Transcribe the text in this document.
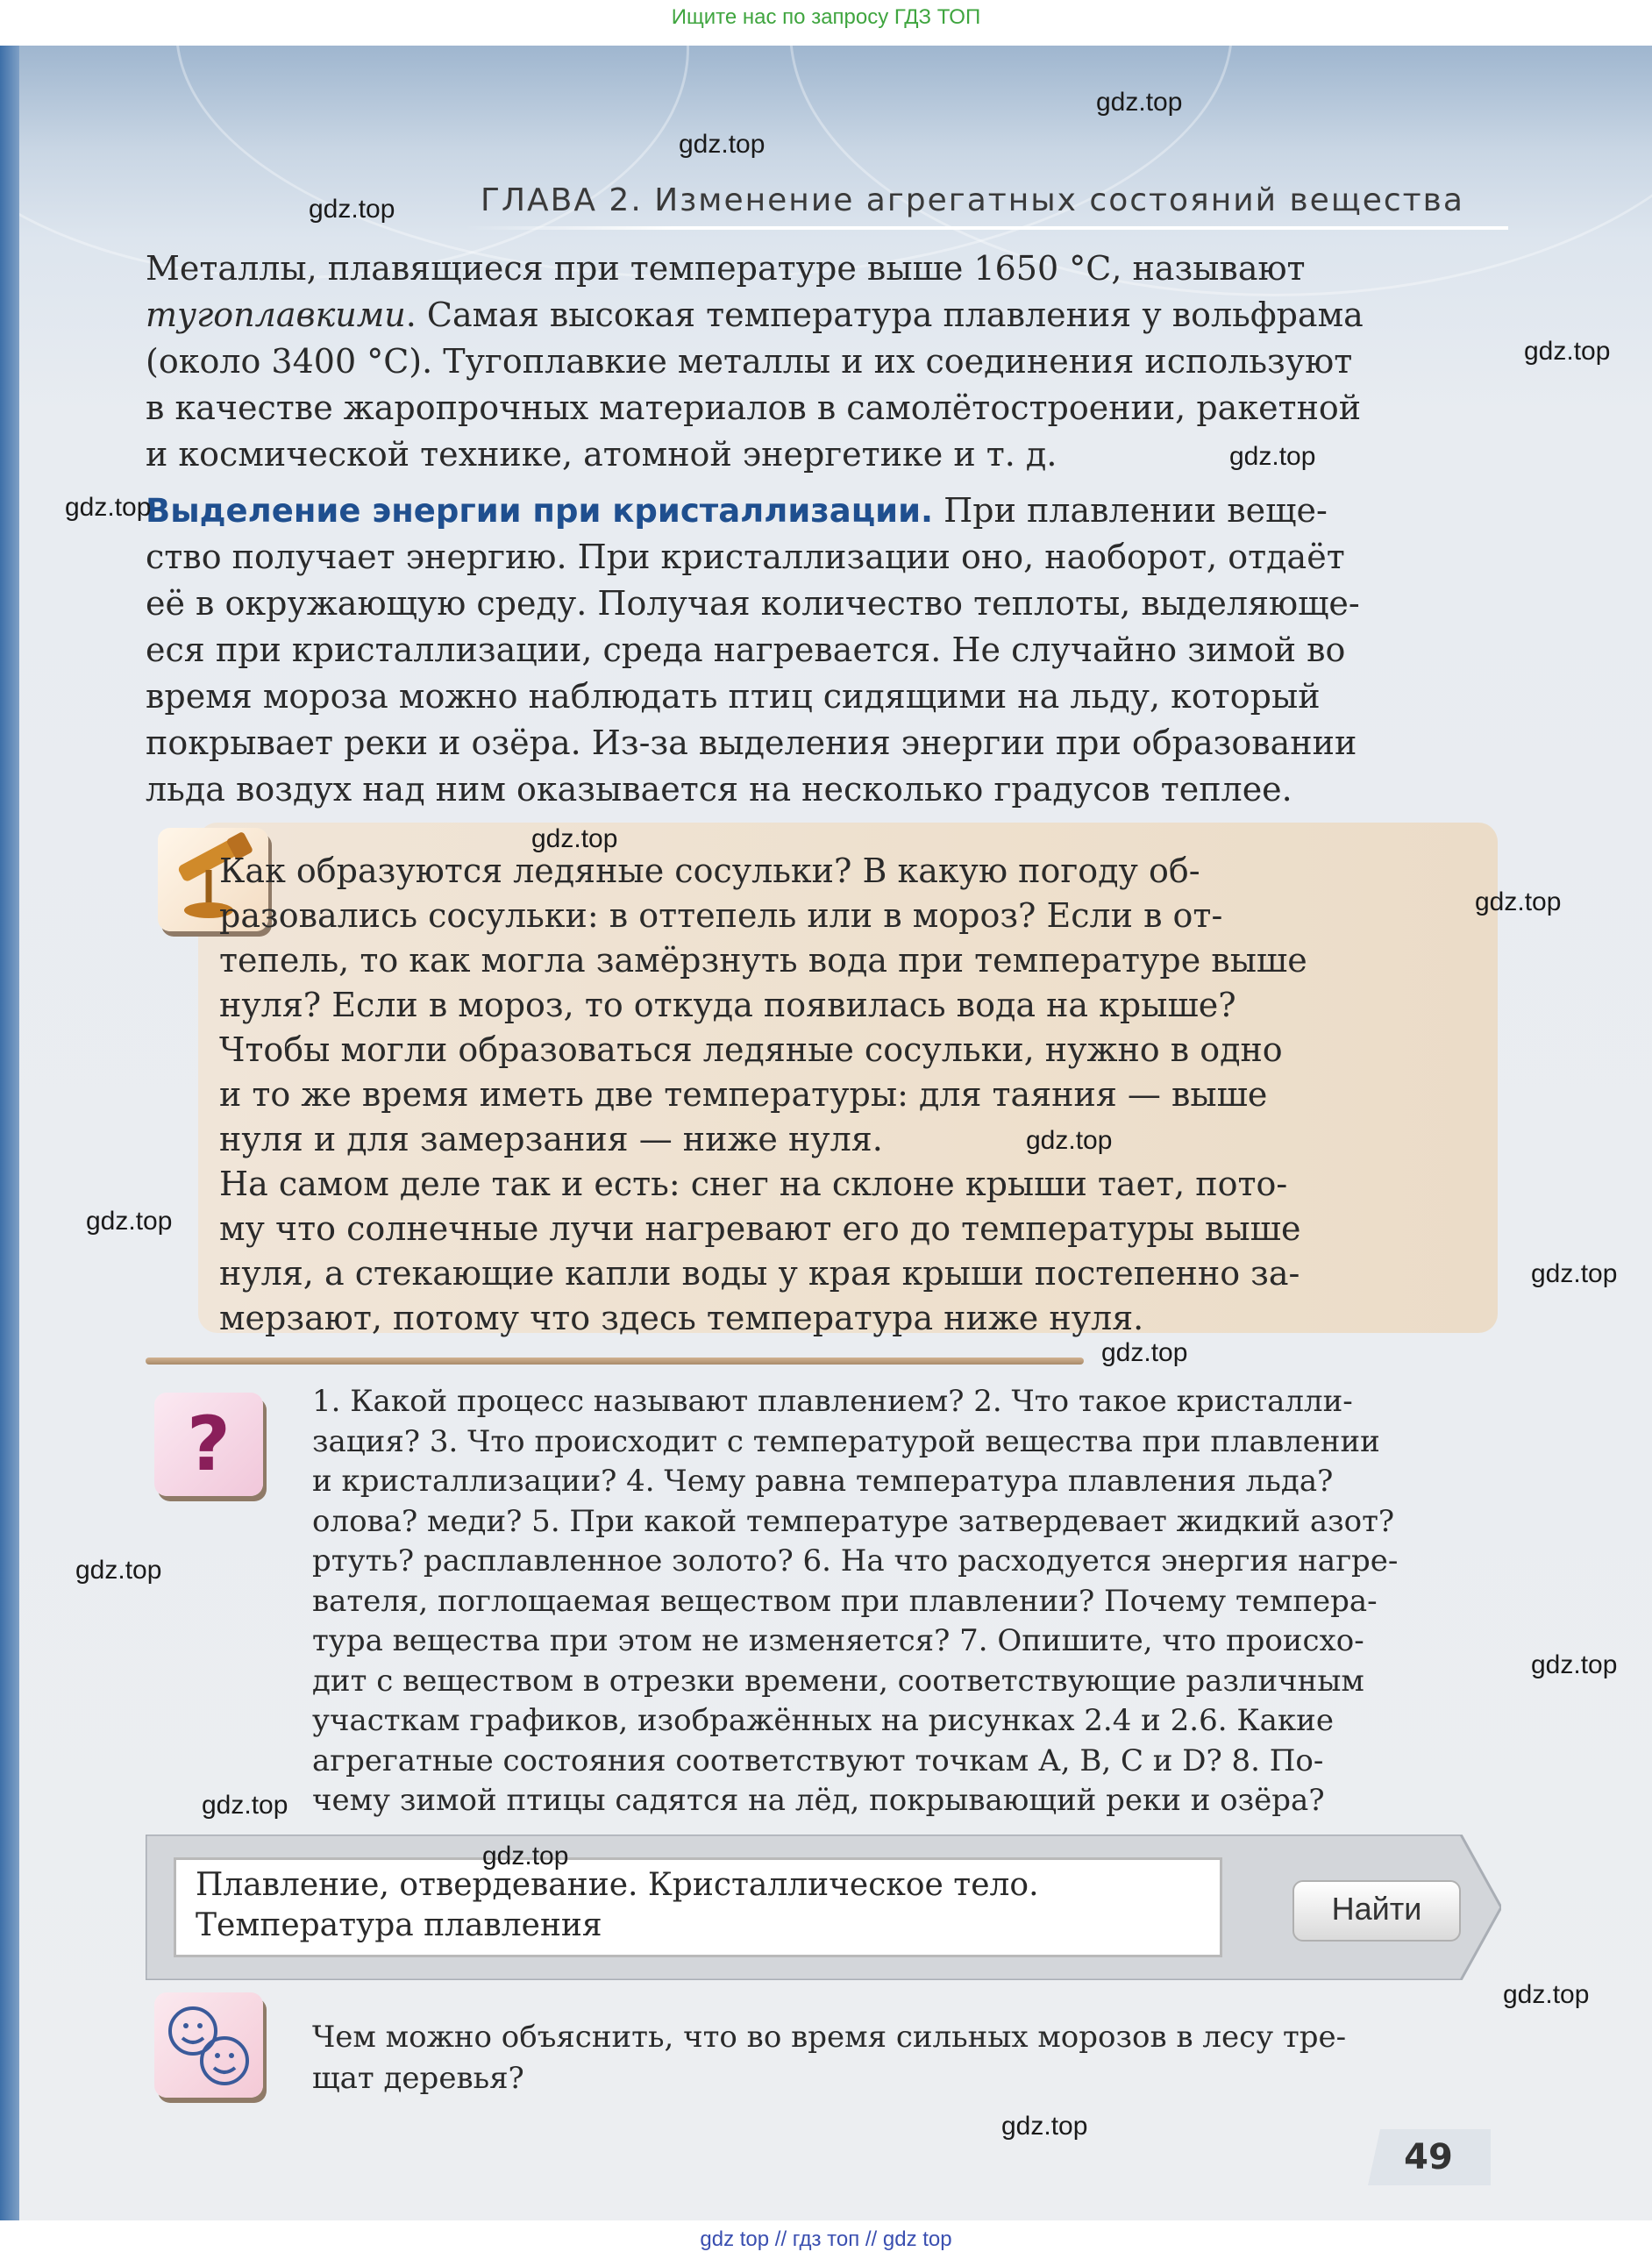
Ищите нас по запросу ГДЗ ТОП
ГЛАВА 2. Изменение агрегатных состояний вещества
Металлы, плавящиеся при температуре выше 1650 °С, называют
тугоплавкими. Самая высокая температура плавления у вольфрама
(около 3400 °С). Тугоплавкие металлы и их соединения используют
в качестве жаропрочных материалов в самолётостроении, ракетной
и космической технике, атомной энергетике и т. д.
Выделение энергии при кристаллизации. При плавлении веще-
ство получает энергию. При кристаллизации оно, наоборот, отдаёт
её в окружающую среду. Получая количество теплоты, выделяюще-
еся при кристаллизации, среда нагревается. Не случайно зимой во
время мороза можно наблюдать птиц сидящими на льду, который
покрывает реки и озёра. Из-за выделения энергии при образовании
льда воздух над ним оказывается на несколько градусов теплее.
Как образуются ледяные сосульки? В какую погоду об-
разовались сосульки: в оттепель или в мороз? Если в от-
тепель, то как могла замёрзнуть вода при температуре выше
нуля? Если в мороз, то откуда появилась вода на крыше?
Чтобы могли образоваться ледяные сосульки, нужно в одно
и то же время иметь две температуры: для таяния — выше
нуля и для замерзания — ниже нуля.
На самом деле так и есть: снег на склоне крыши тает, пото-
му что солнечные лучи нагревают его до температуры выше
нуля, а стекающие капли воды у края крыши постепенно за-
мерзают, потому что здесь температура ниже нуля.
?	1. Какой процесс называют плавлением? 2. Что такое кристалли-
зация? 3. Что происходит с температурой вещества при плавлении
и кристаллизации? 4. Чему равна температура плавления льда?
олова? меди? 5. При какой температуре затвердевает жидкий азот?
ртуть? расплавленное золото? 6. На что расходуется энергия нагре-
вателя, поглощаемая веществом при плавлении? Почему темпера-
тура вещества при этом не изменяется? 7. Опишите, что происхо-
дит с веществом в отрезки времени, соответствующие различным
участкам графиков, изображённых на рисунках 2.4 и 2.6. Какие
агрегатные состояния соответствуют точкам А, В, С и D? 8. По-
чему зимой птицы садятся на лёд, покрывающий реки и озёра?
Плавление, отвердевание. Кристаллическое тело.
Температура плавления	Найти
Чем можно объяснить, что во время сильных морозов в лесу тре-
щат деревья?
49
gdz.top
gdz.top
gdz.top
gdz.top
gdz.top
gdz.top
gdz.top
gdz.top
gdz.top
gdz.top
gdz.top
gdz.top
gdz.top
gdz.top
gdz.top
gdz.top
gdz.top
gdz.top
gdz top // гдз топ // gdz top
